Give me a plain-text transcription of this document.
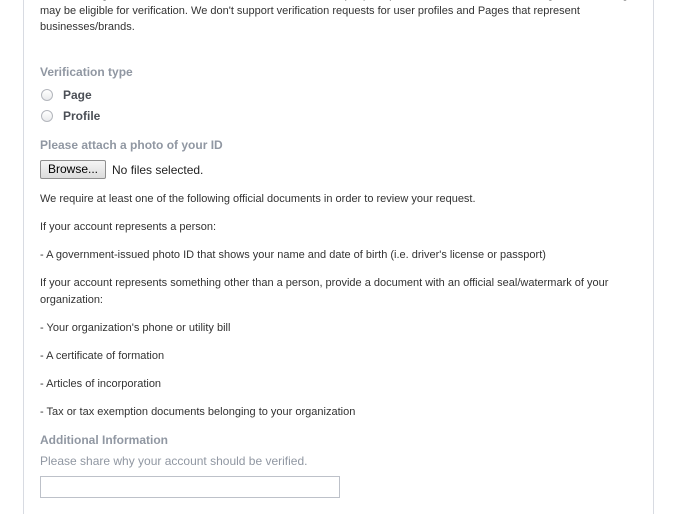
may be eligible for verification. We don't support verification requests for user profiles and Pages that represent businesses/brands.
Verification type
Page
Profile
Please attach a photo of your ID
Browse...	No files selected.
We require at least one of the following official documents in order to review your request.
If your account represents a person:
- A government-issued photo ID that shows your name and date of birth (i.e. driver's license or passport)
If your account represents something other than a person, provide a document with an official seal/watermark of your organization:
- Your organization's phone or utility bill
- A certificate of formation
- Articles of incorporation
- Tax or tax exemption documents belonging to your organization
Additional Information
Please share why your account should be verified.
